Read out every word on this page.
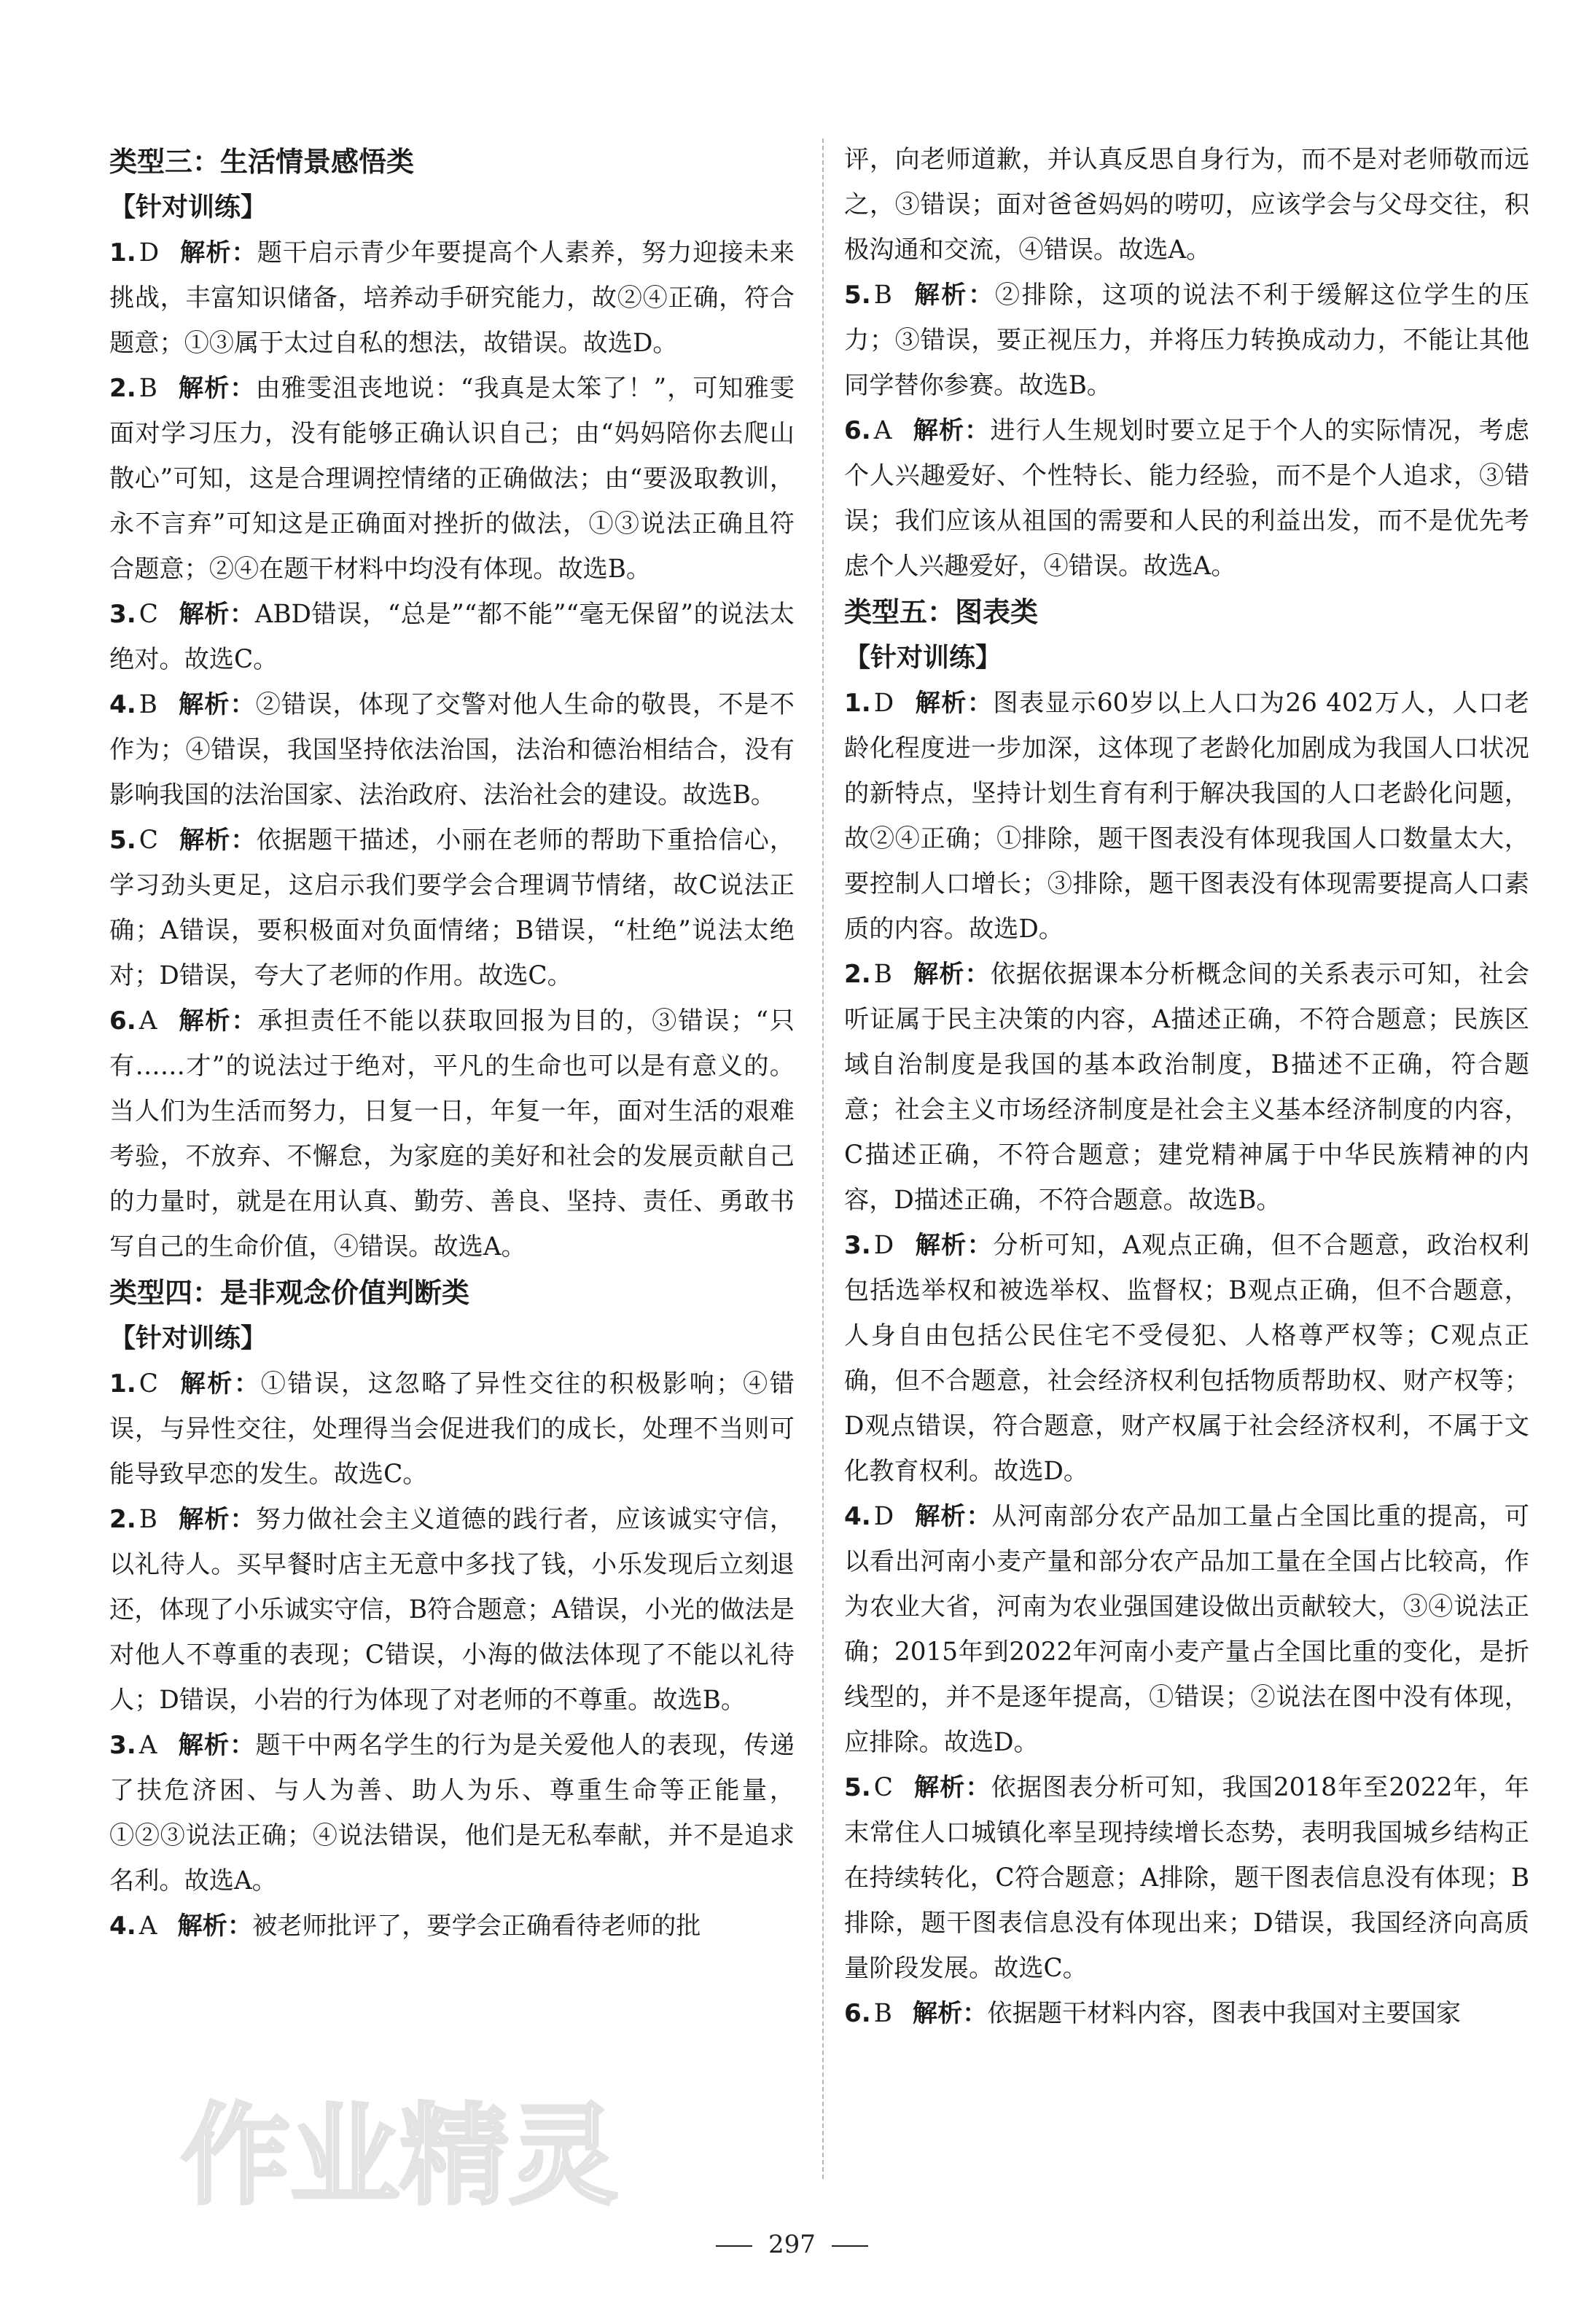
类型三：生活情景感悟类

【针对训练】

1. D 解析：题干启示青少年要提高个人素养，努力迎接未来挑战，丰富知识储备，培养动手研究能力，故②④正确，符合题意；①③属于太过自私的想法，故错误。故选D。

2. B 解析：由雅雯沮丧地说：“我真是太笨了！”，可知雅雯面对学习压力，没有能够正确认识自己；由“妈妈陪你去爬山散心”可知，这是合理调控情绪的正确做法；由“要汲取教训，永不言弃”可知这是正确面对挫折的做法，①③说法正确且符合题意；②④在题干材料中均没有体现。故选B。

3. C 解析：ABD错误，“总是”“都不能”“毫无保留”的说法太绝对。故选C。

4. B 解析：②错误，体现了交警对他人生命的敬畏，不是不作为；④错误，我国坚持依法治国，法治和德治相结合，没有影响我国的法治国家、法治政府、法治社会的建设。故选B。

5. C 解析：依据题干描述，小丽在老师的帮助下重拾信心，学习劲头更足，这启示我们要学会合理调节情绪，故C说法正确；A错误，要积极面对负面情绪；B错误，“杜绝”说法太绝对；D错误，夸大了老师的作用。故选C。

6. A 解析：承担责任不能以获取回报为目的，③错误；“只有……才”的说法过于绝对，平凡的生命也可以是有意义的。当人们为生活而努力，日复一日，年复一年，面对生活的艰难考验，不放弃、不懈怠，为家庭的美好和社会的发展贡献自己的力量时，就是在用认真、勤劳、善良、坚持、责任、勇敢书写自己的生命价值，④错误。故选A。

类型四：是非观念价值判断类

【针对训练】

1. C 解析：①错误，这忽略了异性交往的积极影响；④错误，与异性交往，处理得当会促进我们的成长，处理不当则可能导致早恋的发生。故选C。

2. B 解析：努力做社会主义道德的践行者，应该诚实守信，以礼待人。买早餐时店主无意中多找了钱，小乐发现后立刻退还，体现了小乐诚实守信，B符合题意；A错误，小光的做法是对他人不尊重的表现；C错误，小海的做法体现了不能以礼待人；D错误，小岩的行为体现了对老师的不尊重。故选B。

3. A 解析：题干中两名学生的行为是关爱他人的表现，传递了扶危济困、与人为善、助人为乐、尊重生命等正能量，①②③说法正确；④说法错误，他们是无私奉献，并不是追求名利。故选A。

4. A 解析：被老师批评了，要学会正确看待老师的批

评，向老师道歉，并认真反思自身行为，而不是对老师敬而远之，③错误；面对爸爸妈妈的唠叨，应该学会与父母交往，积极沟通和交流，④错误。故选A。

5. B 解析：②排除，这项的说法不利于缓解这位学生的压力；③错误，要正视压力，并将压力转换成动力，不能让其他同学替你参赛。故选B。

6. A 解析：进行人生规划时要立足于个人的实际情况，考虑个人兴趣爱好、个性特长、能力经验，而不是个人追求，③错误；我们应该从祖国的需要和人民的利益出发，而不是优先考虑个人兴趣爱好，④错误。故选A。

类型五：图表类

【针对训练】

1. D 解析：图表显示60岁以上人口为26 402万人，人口老龄化程度进一步加深，这体现了老龄化加剧成为我国人口状况的新特点，坚持计划生育有利于解决我国的人口老龄化问题，故②④正确；①排除，题干图表没有体现我国人口数量太大，要控制人口增长；③排除，题干图表没有体现需要提高人口素质的内容。故选D。

2. B 解析：依据依据课本分析概念间的关系表示可知，社会听证属于民主决策的内容，A描述正确，不符合题意；民族区域自治制度是我国的基本政治制度，B描述不正确，符合题意；社会主义市场经济制度是社会主义基本经济制度的内容，C描述正确，不符合题意；建党精神属于中华民族精神的内容，D描述正确，不符合题意。故选B。

3. D 解析：分析可知，A观点正确，但不合题意，政治权利包括选举权和被选举权、监督权；B观点正确，但不合题意，人身自由包括公民住宅不受侵犯、人格尊严权等；C观点正确，但不合题意，社会经济权利包括物质帮助权、财产权等；D观点错误，符合题意，财产权属于社会经济权利，不属于文化教育权利。故选D。

4. D 解析：从河南部分农产品加工量占全国比重的提高，可以看出河南小麦产量和部分农产品加工量在全国占比较高，作为农业大省，河南为农业强国建设做出贡献较大，③④说法正确；2015年到2022年河南小麦产量占全国比重的变化，是折线型的，并不是逐年提高，①错误；②说法在图中没有体现，应排除。故选D。

5. C 解析：依据图表分析可知，我国2018年至2022年，年末常住人口城镇化率呈现持续增长态势，表明我国城乡结构正在持续转化，C符合题意；A排除，题干图表信息没有体现；B排除，题干图表信息没有体现出来；D错误，我国经济向高质量阶段发展。故选C。

6. B 解析：依据题干材料内容，图表中我国对主要国家

作业精灵
297
